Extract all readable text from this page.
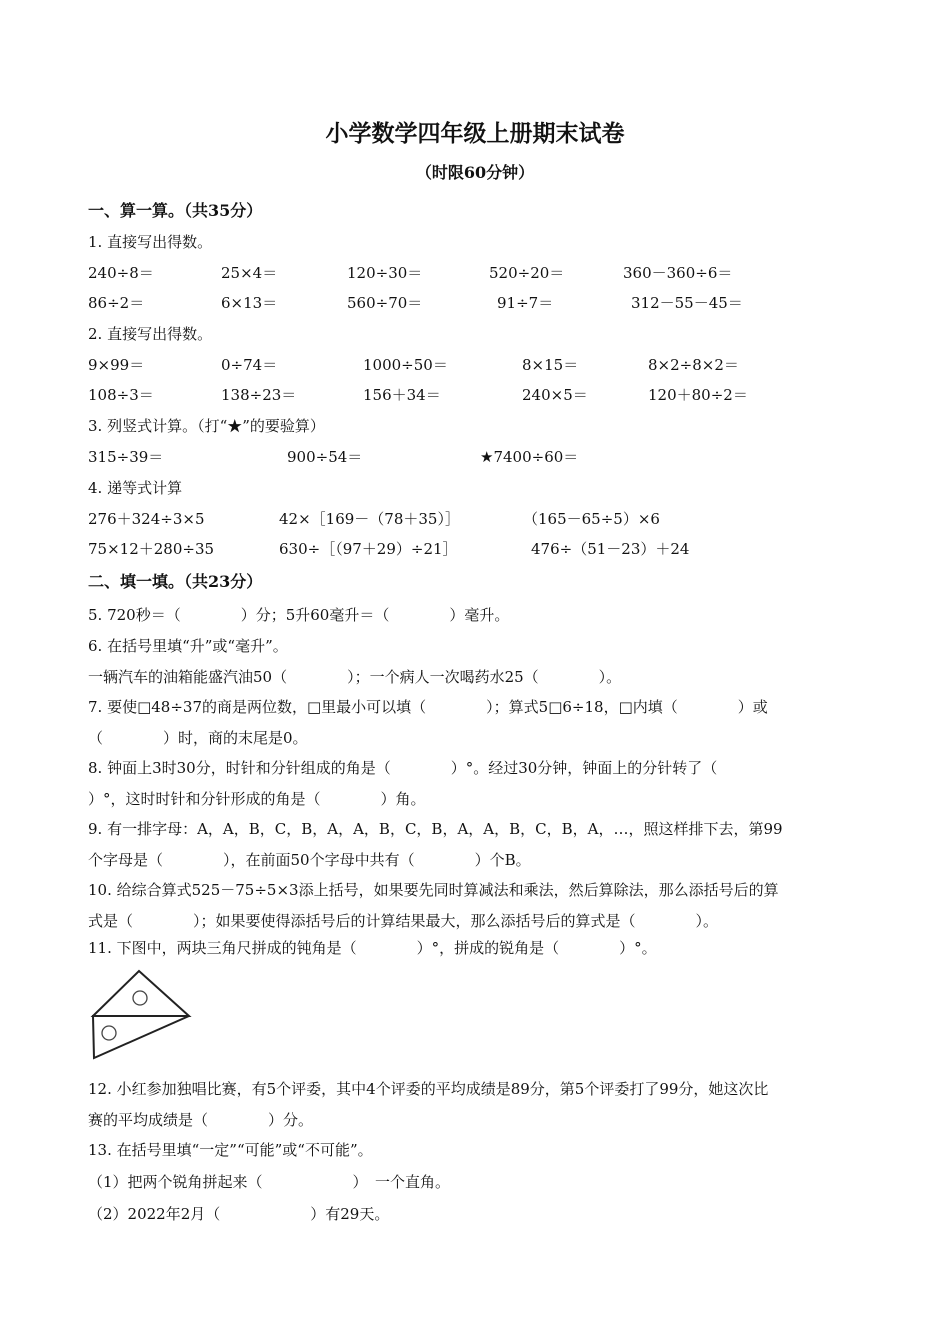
小学数学四年级上册期末试卷
（时限60分钟）
一、算一算。（共35分）
1. 直接写出得数。
240÷8＝	25×4＝	120÷30＝	520÷20＝	360－360÷6＝
86÷2＝	6×13＝	560÷70＝	91÷7＝	312－55－45＝
2. 直接写出得数。
9×99＝	0÷74＝	1000÷50＝	8×15＝	8×2÷8×2＝
108÷3＝	138÷23＝	156＋34＝	240×5＝	120＋80÷2＝
3. 列竖式计算。（打“★”的要验算）
315÷39＝	900÷54＝	★7400÷60＝
4. 递等式计算
276＋324÷3×5	42×［169－（78＋35）］	（165－65÷5）×6
75×12＋280÷35	630÷［（97＋29）÷21］	476÷（51－23）＋24
二、填一填。（共23分）
5. 720秒＝（　　　　）分；5升60毫升＝（　　　　）毫升。
6. 在括号里填“升”或“毫升”。
一辆汽车的油箱能盛汽油50（　　　　）；一个病人一次喝药水25（　　　　）。
7. 要使□48÷37的商是两位数，□里最小可以填（　　　　）；算式5□6÷18，□内填（　　　　）或
（　　　　）时，商的末尾是0。
8. 钟面上3时30分，时针和分针组成的角是（　　　　）°。经过30分钟，钟面上的分针转了（
）°，这时时针和分针形成的角是（　　　　）角。
9. 有一排字母：A，A，B，C，B，A，A，B，C，B，A，A，B，C，B，A，…，照这样排下去，第99
个字母是（　　　　），在前面50个字母中共有（　　　　）个B。
10. 给综合算式525－75÷5×3添上括号，如果要先同时算减法和乘法，然后算除法，那么添括号后的算
式是（　　　　）；如果要使得添括号后的计算结果最大，那么添括号后的算式是（　　　　）。
11. 下图中，两块三角尺拼成的钝角是（　　　　）°，拼成的锐角是（　　　　）°。
12. 小红参加独唱比赛，有5个评委，其中4个评委的平均成绩是89分，第5个评委打了99分，她这次比
赛的平均成绩是（　　　　）分。
13. 在括号里填“一定”“可能”或“不可能”。
（1）把两个锐角拼起来（　　　　　　）　一个直角。
（2）2022年2月（　　　　　　）有29天。
